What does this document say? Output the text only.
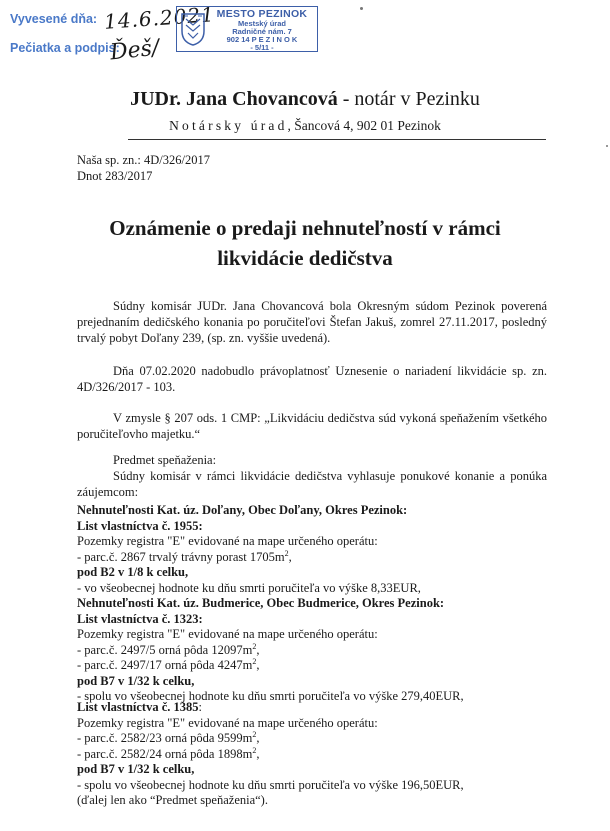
Vyvesené dňa: 14.6.2021
Pečiatka a podpis:
Ďeš/
MESTO PEZINOK
Mestský úrad
Radničné nám. 7
902 14 P E Z I N O K
- 5/11 -
JUDr. Jana Chovancová - notár v Pezinku
Notársky úrad, Šancová 4, 902 01 Pezinok
Naša sp. zn.: 4D/326/2017
Dnot 283/2017
Oznámenie o predaji nehnuteľností v rámci
likvidácie dedičstva
Súdny komisár JUDr. Jana Chovancová bola Okresným súdom Pezinok poverená prejednaním dedičského konania po poručiteľovi Štefan Jakuš, zomrel 27.11.2017, posledný trvalý pobyt Doľany 239, (sp. zn. vyššie uvedená).
Dňa 07.02.2020 nadobudlo právoplatnosť Uznesenie o nariadení likvidácie sp. zn. 4D/326/2017 - 103.
V zmysle § 207 ods. 1 CMP: „Likvidáciu dedičstva súd vykoná speňažením všetkého poručiteľovho majetku.“
Predmet speňaženia:
Súdny komisár v rámci likvidácie dedičstva vyhlasuje ponukové konanie a ponúka záujemcom:
Nehnuteľnosti Kat. úz. Doľany, Obec Doľany, Okres Pezinok:
List vlastníctva č. 1955:
Pozemky registra "E" evidované na mape určeného operátu:
- parc.č. 2867 trvalý trávny porast $1705m^2$,
pod B2 v 1/8 k celku,
- vo všeobecnej hodnote ku dňu smrti poručiteľa vo výške 8,33EUR,
Nehnuteľnosti Kat. úz. Budmerice, Obec Budmerice, Okres Pezinok:
List vlastníctva č. 1323:
Pozemky registra "E" evidované na mape určeného operátu:
- parc.č. 2497/5 orná pôda $12097m^2$,
- parc.č. 2497/17 orná pôda $4247m^2$,
pod B7 v 1/32 k celku,
- spolu vo všeobecnej hodnote ku dňu smrti poručiteľa vo výške 279,40EUR,
List vlastníctva č. 1385:
Pozemky registra "E" evidované na mape určeného operátu:
- parc.č. 2582/23 orná pôda $9599m^2$,
- parc.č. 2582/24 orná pôda $1898m^2$,
pod B7 v 1/32 k celku,
- spolu vo všeobecnej hodnote ku dňu smrti poručiteľa vo výške 196,50EUR,
(ďalej len ako “Predmet speňaženia“).
